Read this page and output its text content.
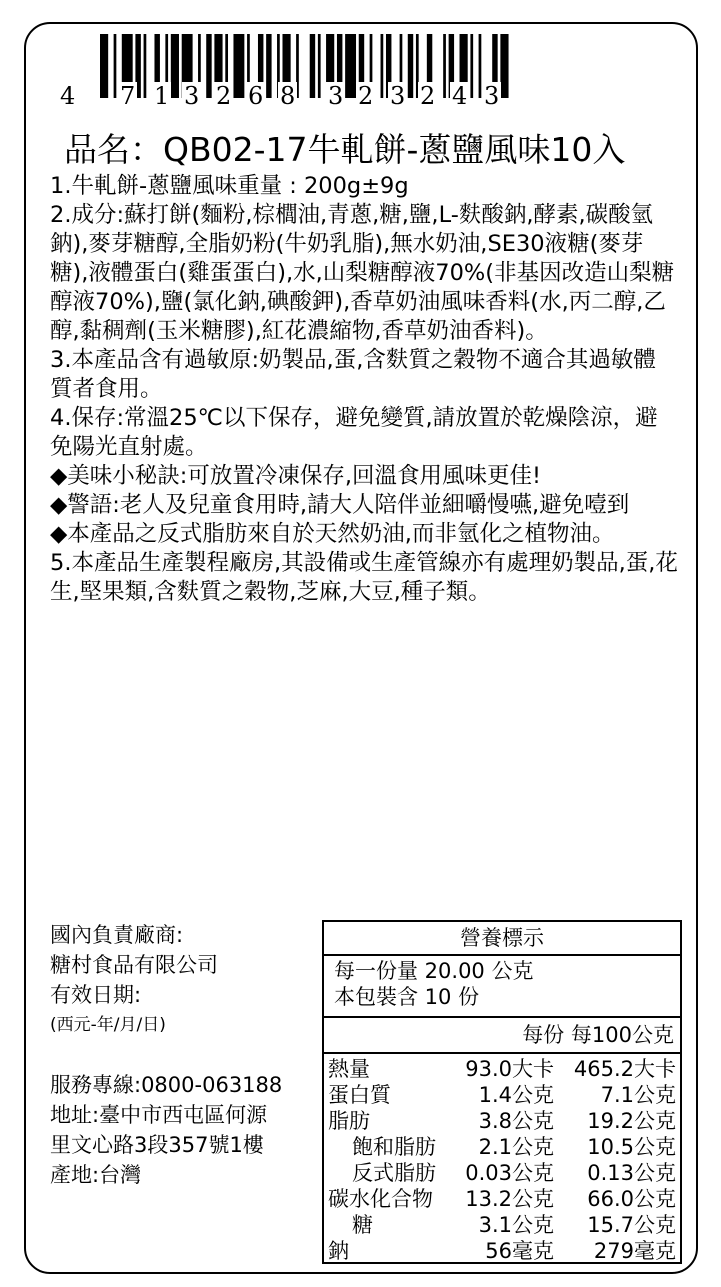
4 7 1 3 2 6 8 3 2 3 2 4 3
品名：QB02-17牛軋餅-蔥鹽風味10入

1.牛軋餅-蔥鹽風味重量 : 200g±9g

2.成分:蘇打餅(麵粉,棕櫚油,青蔥,糖,鹽,L-麩酸鈉,酵素,碳酸氫鈉),麥芽糖醇,全脂奶粉(牛奶乳脂),無水奶油,SE30液糖(麥芽糖),液體蛋白(雞蛋蛋白),水,山梨糖醇液70%(非基因改造山梨糖醇液70%),鹽(氯化鈉,碘酸鉀),香草奶油風味香料(水,丙二醇,乙醇,黏稠劑(玉米糖膠),紅花濃縮物,香草奶油香料)。

3.本產品含有過敏原:奶製品,蛋,含麩質之穀物不適合其過敏體質者食用。

4.保存:常溫25℃以下保存，避免變質,請放置於乾燥陰涼，避免陽光直射處。

◆美味小秘訣:可放置冷凍保存,回溫食用風味更佳!

◆警語:老人及兒童食用時,請大人陪伴並細嚼慢嚥,避免噎到

◆本產品之反式脂肪來自於天然奶油,而非氫化之植物油。

5.本產品生產製程廠房,其設備或生產管線亦有處理奶製品,蛋,花生,堅果類,含麩質之穀物,芝麻,大豆,種子類。

國內負責廠商:
糖村食品有限公司
有效日期:
(西元-年/月/日)
服務專線:0800-063188
地址:臺中市西屯區何源
里文心路3段357號1樓
產地:台灣
營養標示
每一份量 20.00 公克
本包裝含 10 份
每份 每100公克
熱量	93.0大卡 465.2大卡
蛋白質	1.4公克 7.1公克
脂肪	3.8公克 19.2公克
飽和脂肪 2.1公克 10.5公克
反式脂肪 0.03公克 0.13公克
碳水化合物 13.2公克 66.0公克
糖	3.1公克 15.7公克
鈉	56毫克 279毫克
